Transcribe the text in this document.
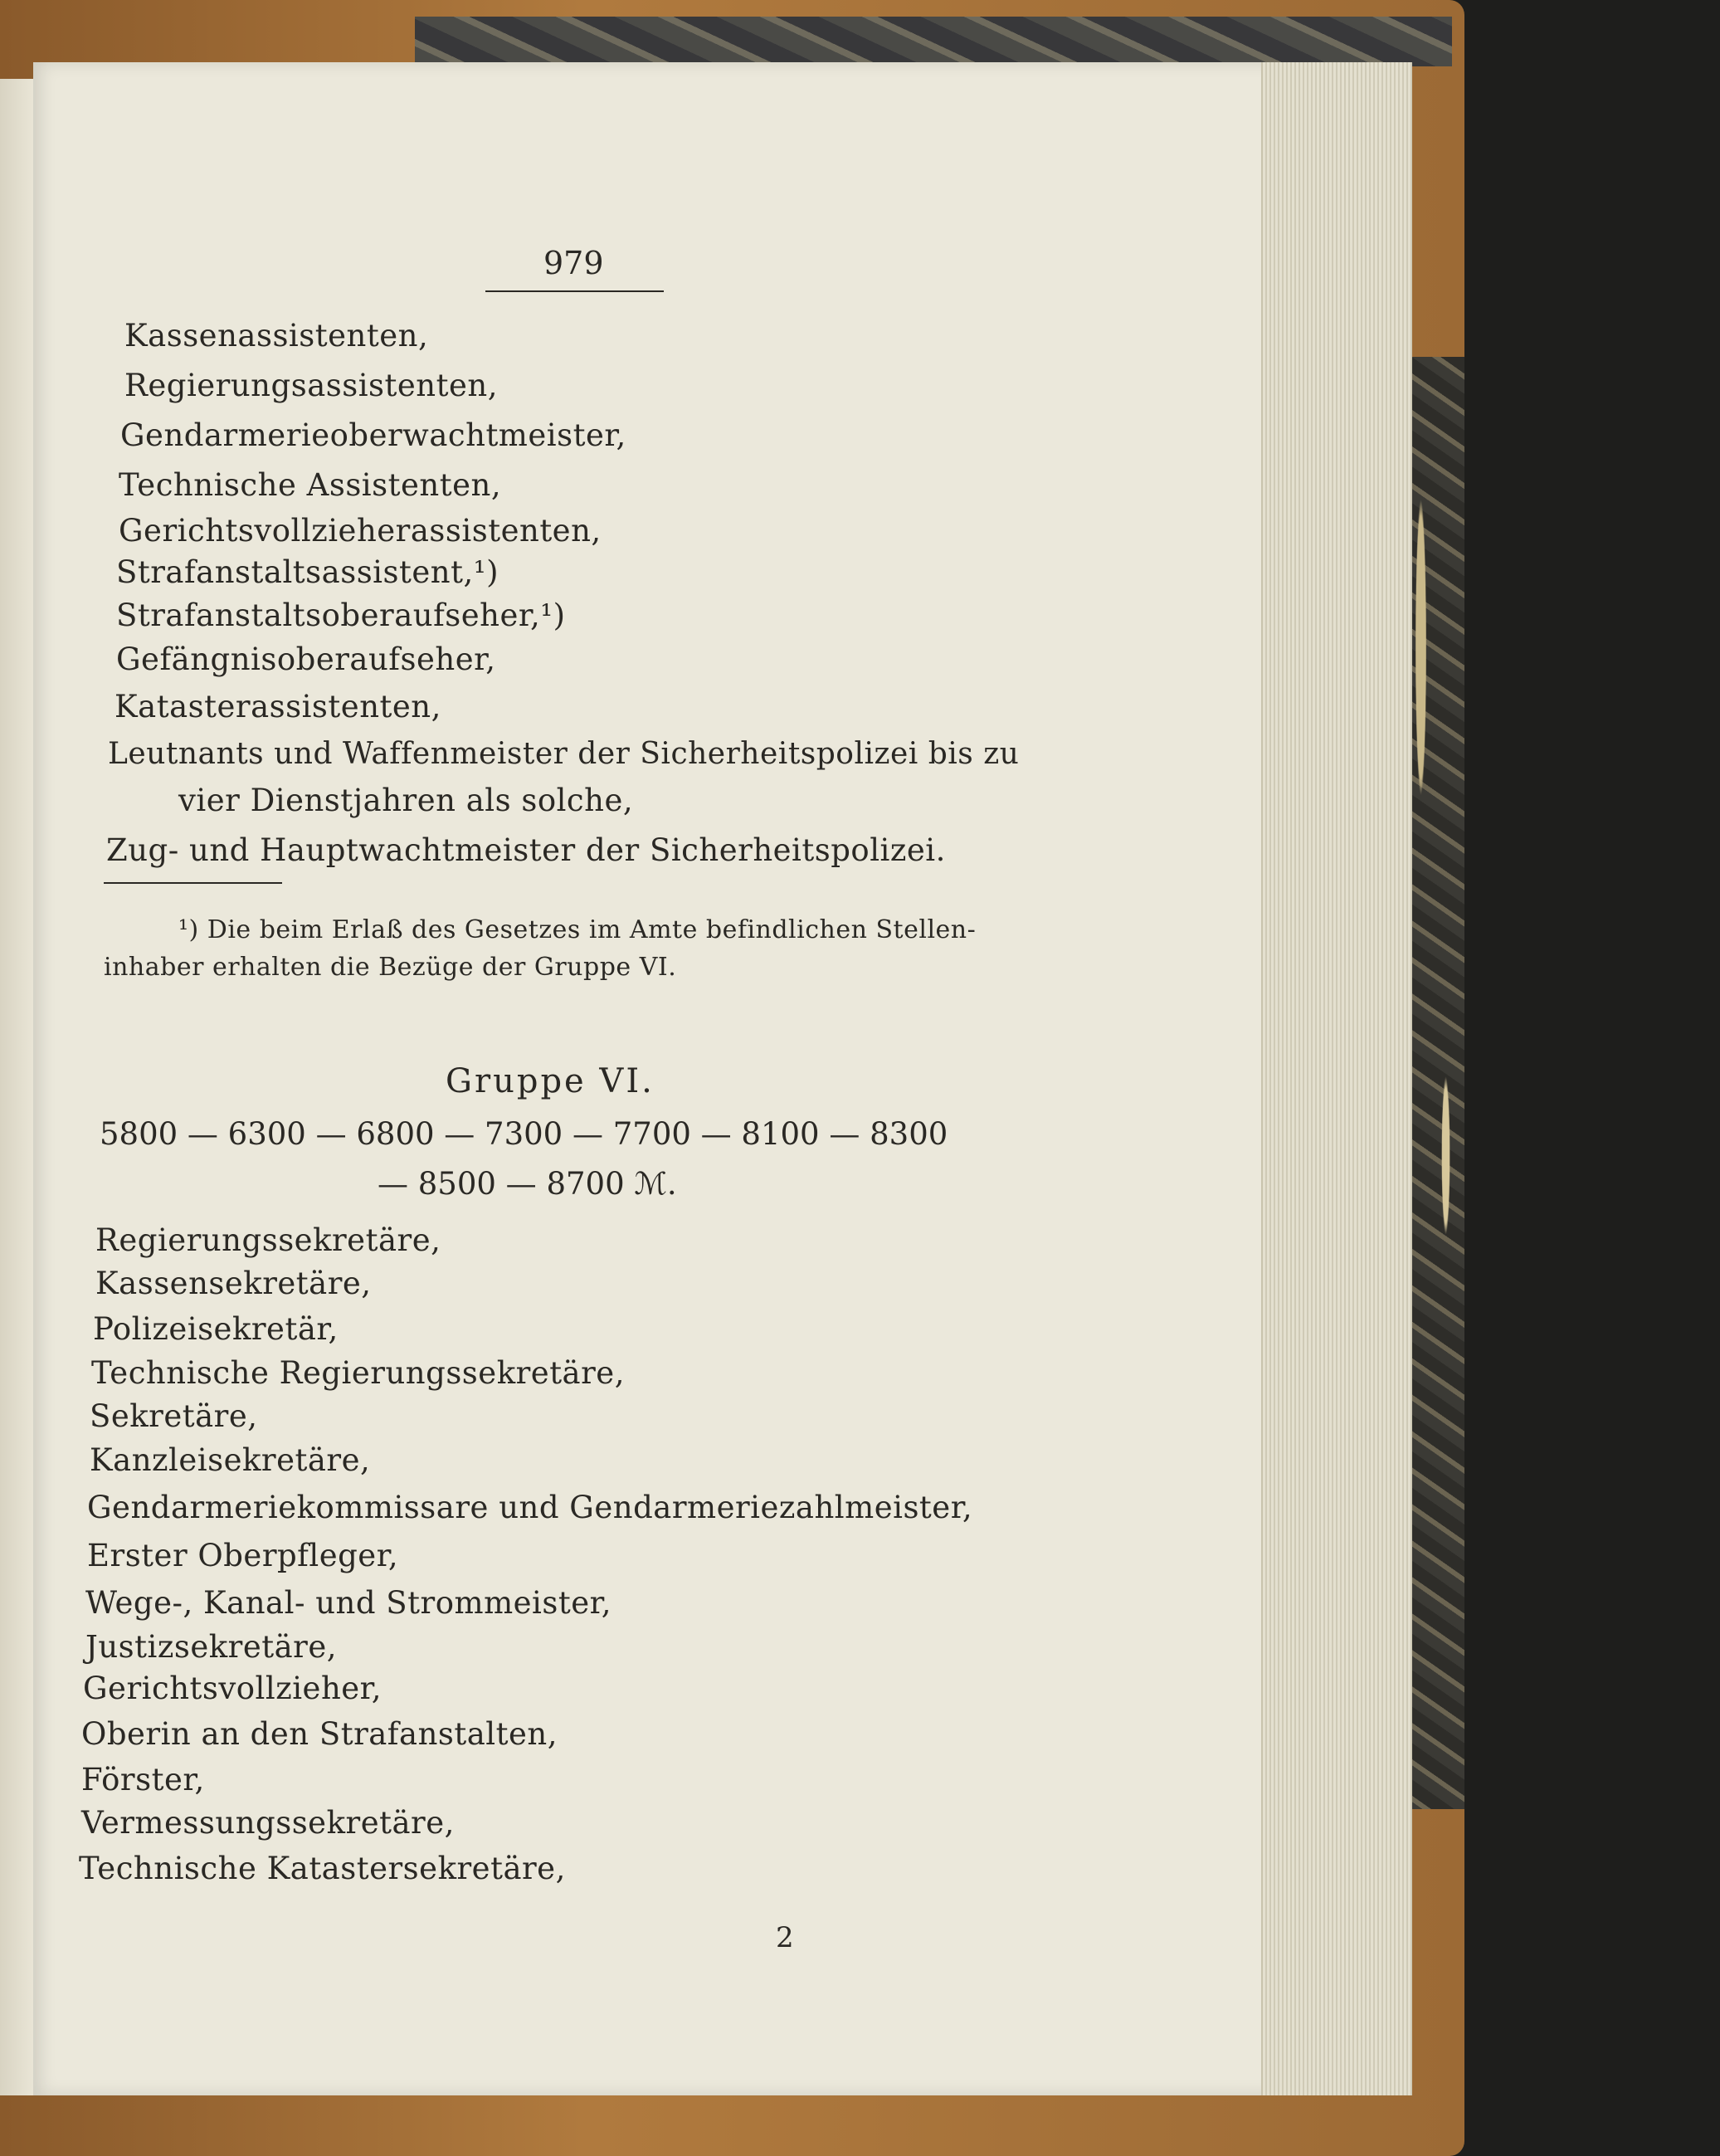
979
Kassenassistenten,
Regierungsassistenten,
Gendarmerieoberwachtmeister,
Technische Assistenten,
Gerichtsvollzieherassistenten,
Strafanstaltsassistent,¹)
Strafanstaltsoberaufseher,¹)
Gefängnisoberaufseher,
Katasterassistenten,
Leutnants und Waffenmeister der Sicherheitspolizei bis zu
vier Dienstjahren als solche,
Zug- und Hauptwachtmeister der Sicherheitspolizei.
¹) Die beim Erlaß des Gesetzes im Amte befindlichen Stellen-
inhaber erhalten die Bezüge der Gruppe VI.
Gruppe VI.
5800 — 6300 — 6800 — 7300 — 7700 — 8100 — 8300
— 8500 — 8700 ℳ.
Regierungssekretäre,
Kassensekretäre,
Polizeisekretär,
Technische Regierungssekretäre,
Sekretäre,
Kanzleisekretäre,
Gendarmeriekommissare und Gendarmeriezahlmeister,
Erster Oberpfleger,
Wege-, Kanal- und Strommeister,
Justizsekretäre,
Gerichtsvollzieher,
Oberin an den Strafanstalten,
Förster,
Vermessungssekretäre,
Technische Katastersekretäre,
2
